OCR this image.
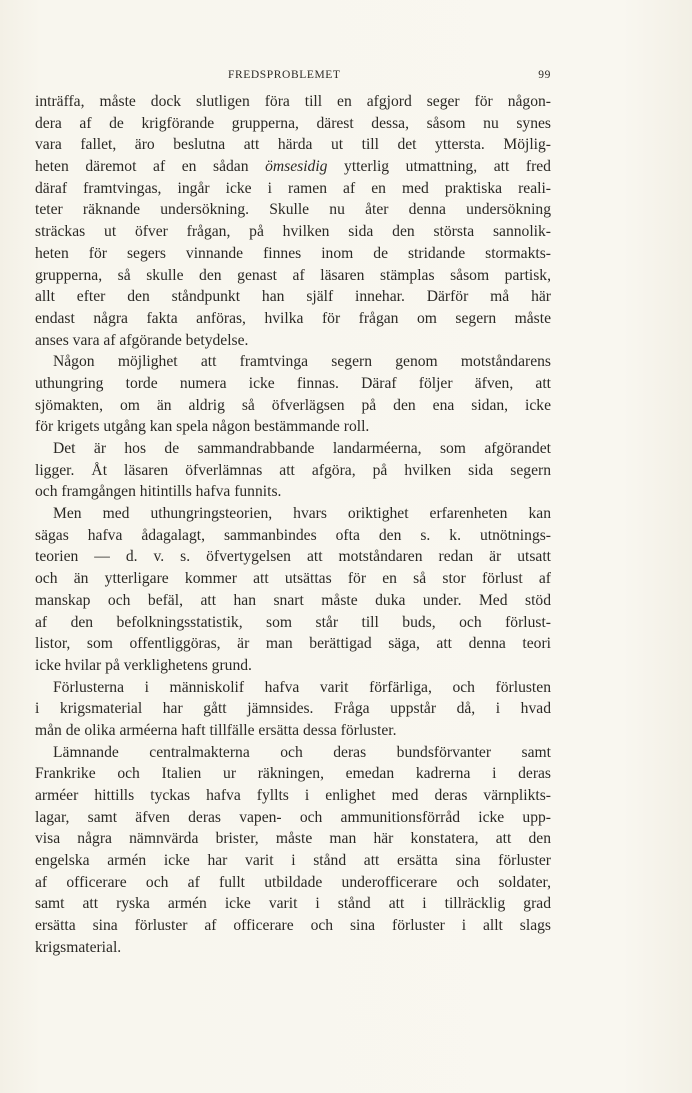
FREDSPROBLEMET	99
inträffa, måste dock slutligen föra till en afgjord seger för någon-
dera af de krigförande grupperna, därest dessa, såsom nu synes
vara fallet, äro beslutna att härda ut till det yttersta. Möjlig-
heten däremot af en sådan ömsesidig ytterlig utmattning, att fred
däraf framtvingas, ingår icke i ramen af en med praktiska reali-
teter räknande undersökning. Skulle nu åter denna undersökning
sträckas ut öfver frågan, på hvilken sida den största sannolik-
heten för segers vinnande finnes inom de stridande stormakts-
grupperna, så skulle den genast af läsaren stämplas såsom partisk,
allt efter den ståndpunkt han själf innehar. Därför må här
endast några fakta anföras, hvilka för frågan om segern måste
anses vara af afgörande betydelse.
Någon möjlighet att framtvinga segern genom motståndarens
uthungring torde numera icke finnas. Däraf följer äfven, att
sjömakten, om än aldrig så öfverlägsen på den ena sidan, icke
för krigets utgång kan spela någon bestämmande roll.
Det är hos de sammandrabbande landarméerna, som afgörandet
ligger. Åt läsaren öfverlämnas att afgöra, på hvilken sida segern
och framgången hitintills hafva funnits.
Men med uthungringsteorien, hvars oriktighet erfarenheten kan
sägas hafva ådagalagt, sammanbindes ofta den s. k. utnötnings-
teorien — d. v. s. öfvertygelsen att motståndaren redan är utsatt
och än ytterligare kommer att utsättas för en så stor förlust af
manskap och befäl, att han snart måste duka under. Med stöd
af den befolkningsstatistik, som står till buds, och förlust-
listor, som offentliggöras, är man berättigad säga, att denna teori
icke hvilar på verklighetens grund.
Förlusterna i människolif hafva varit förfärliga, och förlusten
i krigsmaterial har gått jämnsides. Fråga uppstår då, i hvad
mån de olika arméerna haft tillfälle ersätta dessa förluster.
Lämnande centralmakterna och deras bundsförvanter samt
Frankrike och Italien ur räkningen, emedan kadrerna i deras
arméer hittills tyckas hafva fyllts i enlighet med deras värnplikts-
lagar, samt äfven deras vapen- och ammunitionsförråd icke upp-
visa några nämnvärda brister, måste man här konstatera, att den
engelska armén icke har varit i stånd att ersätta sina förluster
af officerare och af fullt utbildade underofficerare och soldater,
samt att ryska armén icke varit i stånd att i tillräcklig grad
ersätta sina förluster af officerare och sina förluster i allt slags
krigsmaterial.
